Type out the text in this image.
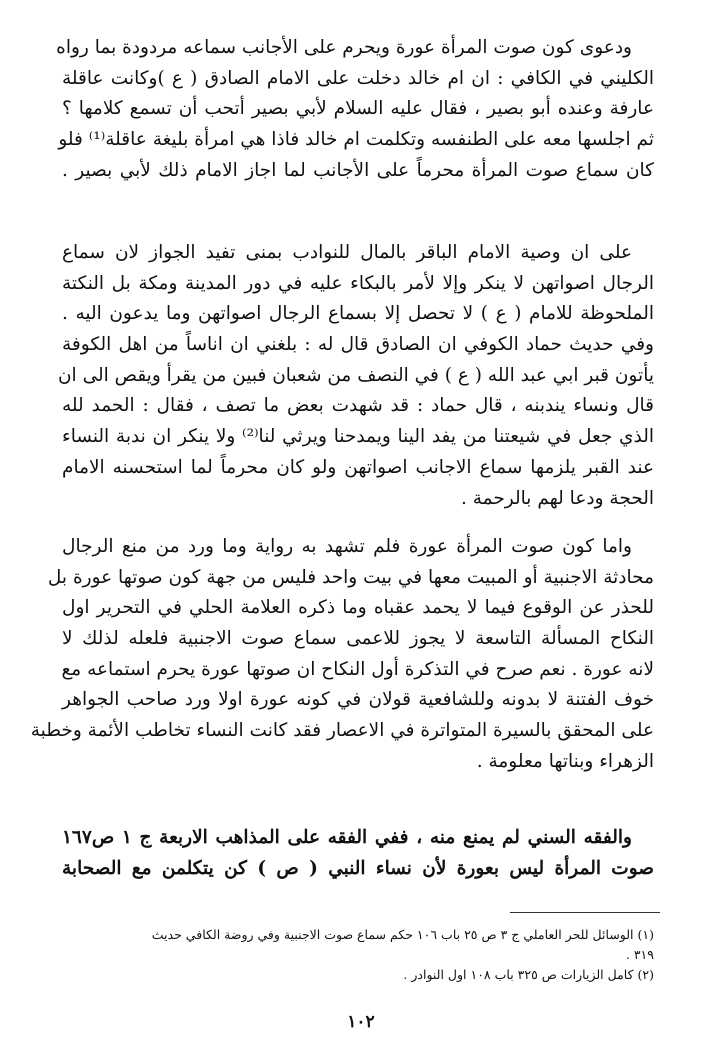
ودعوى كون صوت المرأة عورة ويحرم على الأجانب سماعه مردودة بما رواه
الكليني في الكافي : ان ام خالد دخلت على الامام الصادق ( ع )وكانت عاقلة
عارفة وعنده أبو بصير ، فقال عليه السلام لأبي بصير أتحب أن تسمع كلامها ؟
ثم اجلسها معه على الطنفسه وتكلمت ام خالد فاذا هي امرأة بليغة عاقلة⁽¹⁾ فلو
كان سماع صوت المرأة محرماً على الأجانب لما اجاز الامام ذلك لأبي بصير .
على ان وصية الامام الباقر بالمال للنوادب بمنى تفيد الجواز لان سماع
الرجال اصواتهن لا ينكر وإلا لأمر بالبكاء عليه في دور المدينة ومكة بل النكتة
الملحوظة للامام ( ع ) لا تحصل إلا بسماع الرجال اصواتهن وما يدعون اليه .
وفي حديث حماد الكوفي ان الصادق قال له : بلغني ان اناساً من اهل الكوفة
يأتون قبر ابي عبد الله ( ع ) في النصف من شعبان فبين من يقرأ ويقص الى ان
قال ونساء يندبنه ، قال حماد : قد شهدت بعض ما تصف ، فقال : الحمد لله
الذي جعل في شيعتنا من يفد الينا ويمدحنا ويرثي لنا⁽²⁾ ولا ينكر ان ندبة النساء
عند القبر يلزمها سماع الاجانب اصواتهن ولو كان محرماً لما استحسنه الامام
الحجة ودعا لهم بالرحمة .
واما كون صوت المرأة عورة فلم تشهد به رواية وما ورد من منع الرجال
محادثة الاجنبية أو المبيت معها في بيت واحد فليس من جهة كون صوتها عورة بل
للحذر عن الوقوع فيما لا يحمد عقباه وما ذكره العلامة الحلي في التحرير اول
النكاح المسألة التاسعة لا يجوز للاعمى سماع صوت الاجنبية فلعله لذلك لا
لانه عورة . نعم صرح في التذكرة أول النكاح ان صوتها عورة يحرم استماعه مع
خوف الفتنة لا بدونه وللشافعية قولان في كونه عورة اولا ورد صاحب الجواهر
على المحقق بالسيرة المتواترة في الاعصار فقد كانت النساء تخاطب الأئمة وخطبة
الزهراء وبناتها معلومة .
والفقه السني لم يمنع منه ، ففي الفقه على المذاهب الاربعة ج ١ ص١٦٧
صوت المرأة ليس بعورة لأن نساء النبي ( ص ) كن يتكلمن مع الصحابة
(١) الوسائل للحر العاملي ج ٣ ص ٢٥ باب ١٠٦ حكم سماع صوت الاجنبية وفي روضة الكافي حديث
٣١٩ .
(٢) كامل الزيارات ص ٣٢٥ باب ١٠٨ اول النوادر .
١٠٢
